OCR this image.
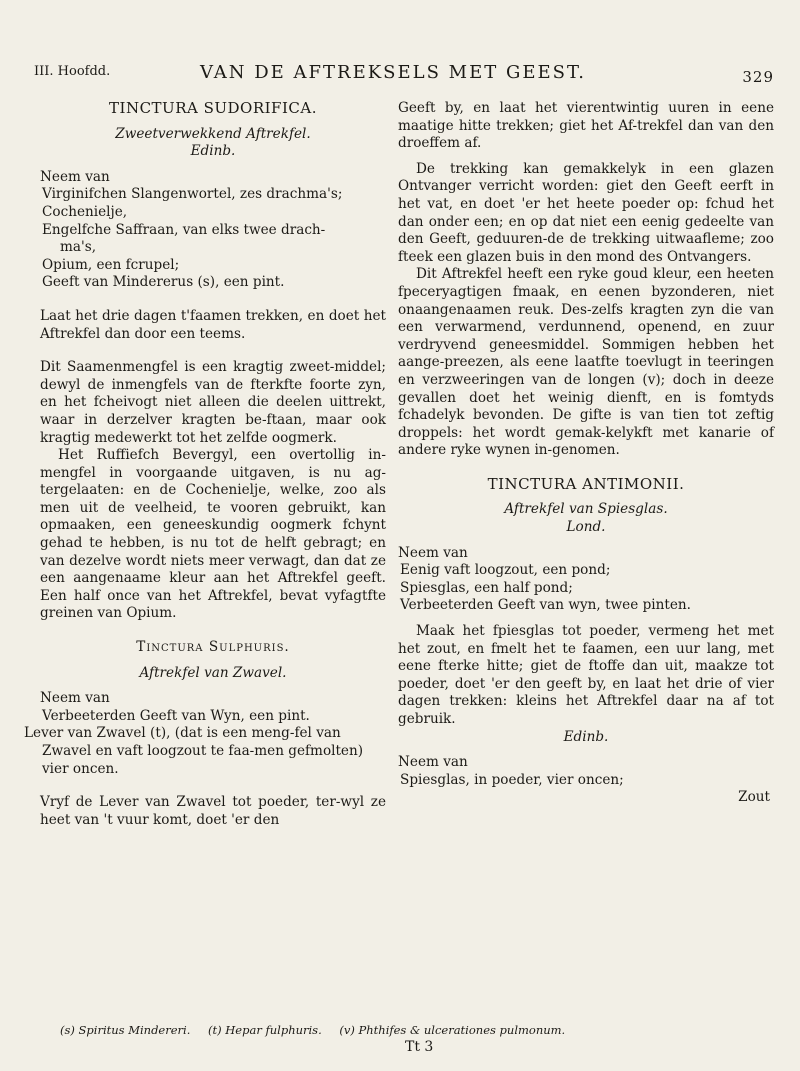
III. Hoofdd.	VAN DE AFTREKSELS MET GEEST.	329

TINCTURA SUDORIFICA.

Zweetverwekkend Aftrekfel.

Edinb.

Neem van

Virginifchen Slangenwortel, zes drachma's;
Cochenielje,
Engelfche Saffraan, van elks twee drach-
ma's,
Opium, een fcrupel;
Geeft van Mindererus (s), een pint.

Laat het drie dagen t'faamen trekken, en doet het Aftrekfel dan door een teems.

Dit Saamenmengfel is een kragtig zweet-middel; dewyl de inmengfels van de fterkfte foorte zyn, en het fcheivogt niet alleen die deelen uittrekt, waar in derzelver kragten be-ftaan, maar ook kragtig medewerkt tot het zelfde oogmerk.

Het Ruffiefch Bevergyl, een overtollig in-mengfel in voorgaande uitgaven, is nu ag-tergelaaten: en de Cochenielje, welke, zoo als men uit de veelheid, te vooren gebruikt, kan opmaaken, een geneeskundig oogmerk fchynt gehad te hebben, is nu tot de helft gebragt; en van dezelve wordt niets meer verwagt, dan dat ze een aangenaame kleur aan het Aftrekfel geeft. Een half once van het Aftrekfel, bevat vyfagtfte greinen van Opium.

Tinctura Sulphuris.

Aftrekfel van Zwavel.

Neem van

Verbeeterden Geeft van Wyn, een pint.
Lever van Zwavel (t), (dat is een meng-fel van Zwavel en vaft loogzout te faa-men gefmolten) vier oncen.

Vryf de Lever van Zwavel tot poeder, ter-wyl ze heet van 't vuur komt, doet 'er den

Geeft by, en laat het vierentwintig uuren in eene maatige hitte trekken; giet het Af-trekfel dan van den droeffem af.

De trekking kan gemakkelyk in een glazen Ontvanger verricht worden: giet den Geeft eerft in het vat, en doet 'er het heete poeder op: fchud het dan onder een; en op dat niet een eenig gedeelte van den Geeft, geduuren-de de trekking uitwaafleme; zoo fteek een glazen buis in den mond des Ontvangers.

Dit Aftrekfel heeft een ryke goud kleur, een heeten fpeceryagtigen fmaak, en eenen byzonderen, niet onaangenaamen reuk. Des-zelfs kragten zyn die van een verwarmend, verdunnend, openend, en zuur verdryvend geneesmiddel. Sommigen hebben het aange-preezen, als eene laatfte toevlugt in teeringen en verzweeringen van de longen (v); doch in deeze gevallen doet het weinig dienft, en is fomtyds fchadelyk bevonden. De gifte is van tien tot zeftig droppels: het wordt gemak-kelykft met kanarie of andere ryke wynen in-genomen.

TINCTURA ANTIMONII.

Aftrekfel van Spiesglas.

Lond.

Neem van

Eenig vaft loogzout, een pond;
Spiesglas, een half pond;
Verbeeterden Geeft van wyn, twee pinten.

Maak het fpiesglas tot poeder, vermeng het met het zout, en fmelt het te faamen, een uur lang, met eene fterke hitte; giet de ftoffe dan uit, maakze tot poeder, doet 'er den geeft by, en laat het drie of vier dagen trekken: kleins het Aftrekfel daar na af tot gebruik.

Edinb.

Neem van

Spiesglas, in poeder, vier oncen;

Zout

(s) Spiritus Mindereri. (t) Hepar fulphuris. (v) Phthifes & ulcerationes pulmonum.
Tt 3
